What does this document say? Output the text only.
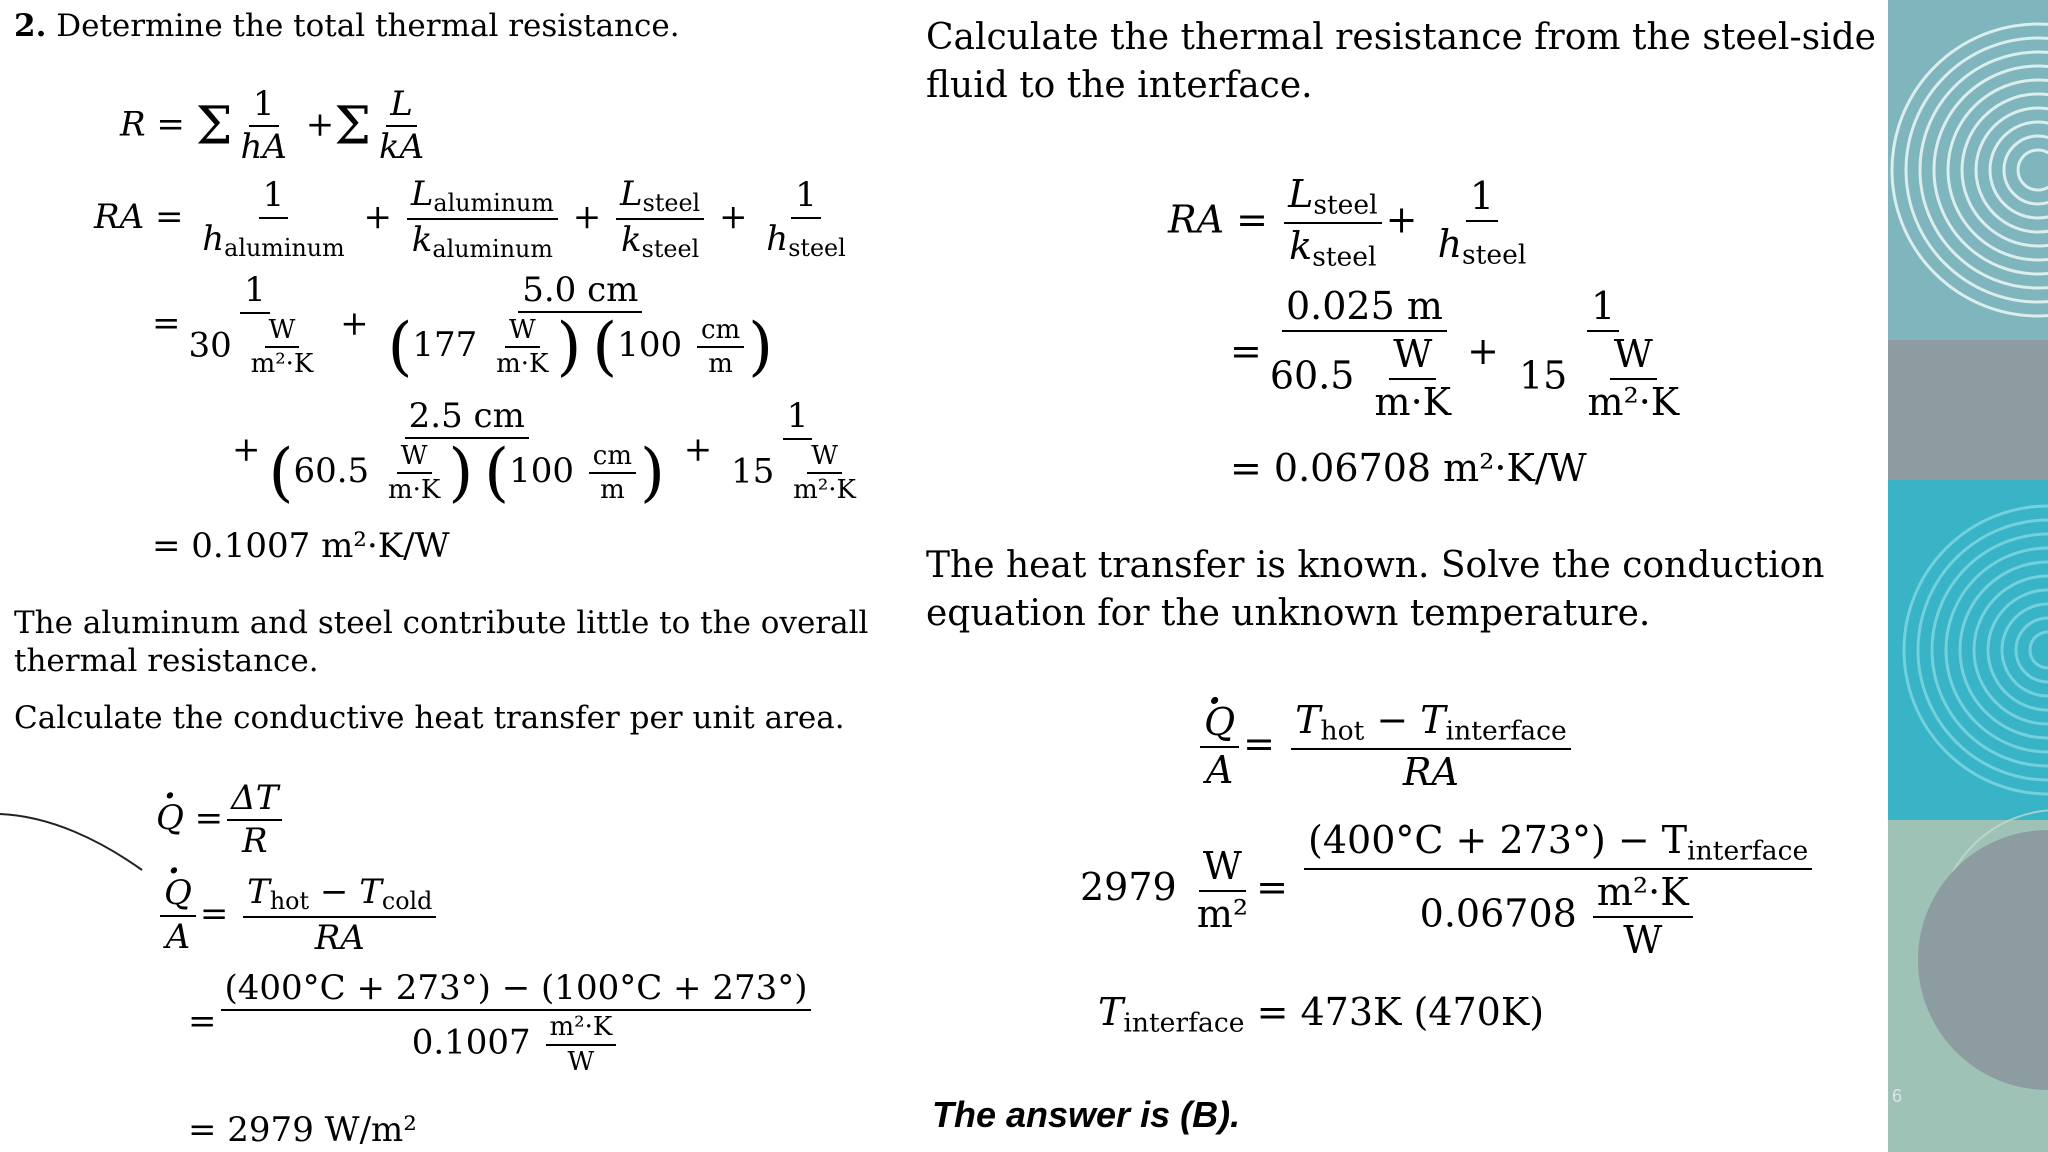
2. Determine the total thermal resistance.
R = Σ $\frac{1}{hA} +\Sigma \frac{L}{kA}$
RA = $\frac{1}{h_{aluminum}} + \frac{L_{aluminum}}{k_{aluminum}} + \frac{L_{steel}}{k_{steel}} + \frac{1}{h_{steel}}$
= $\frac{1}{30 \frac{W}{\text{m²·K}}} + \frac{5.0 cm}{(177 \frac{W}{m\cdot K} ) (100 \frac{cm}{m} )}$
+ $\frac{2.5 cm}{(60.5 \frac{W}{m\cdot K} ) (100 \frac{cm}{m} )} + \frac{1}{15 \frac{W}{\text{m²·K}}}$
= 0.1007 m²·K/W
The aluminum and steel contribute little to the overall thermal resistance.
Calculate the conductive heat transfer per unit area.
· $Q = \frac{\Delta T}{R}$
· $\frac{Q}{A} = \frac{T_{hot} - T_{cold}}{RA}$
= $\frac{(400^\circ C + 273^\circ) - (100^\circ C + 273^\circ)}{0.1007 \frac{\text{m²·K}}{W}}$
= 2979 W/m²
Calculate the thermal resistance from the steel-side fluid to the interface.
RA = $\frac{L_{steel}}{k_{steel}} + \frac{1}{h_{steel}}$
= $\frac{0.025 m}{60.5 \frac{W}{m\cdot K}} + \frac{1}{15 \frac{W}{\text{m²·K}}}$
= 0.06708 m²·K/W
The heat transfer is known. Solve the conduction equation for the unknown temperature.
· $\frac{Q}{A} = \frac{T_{hot} - T_{interface}}{RA}$
$2979 \frac{W}{\text{m²}} = \frac{(400^\circ C + 273^\circ) - T_{interface}}{0.06708 \frac{\text{m²·K}}{W}}$
$T_{interface} = 473K$ (470K)
The answer is (B).	6
